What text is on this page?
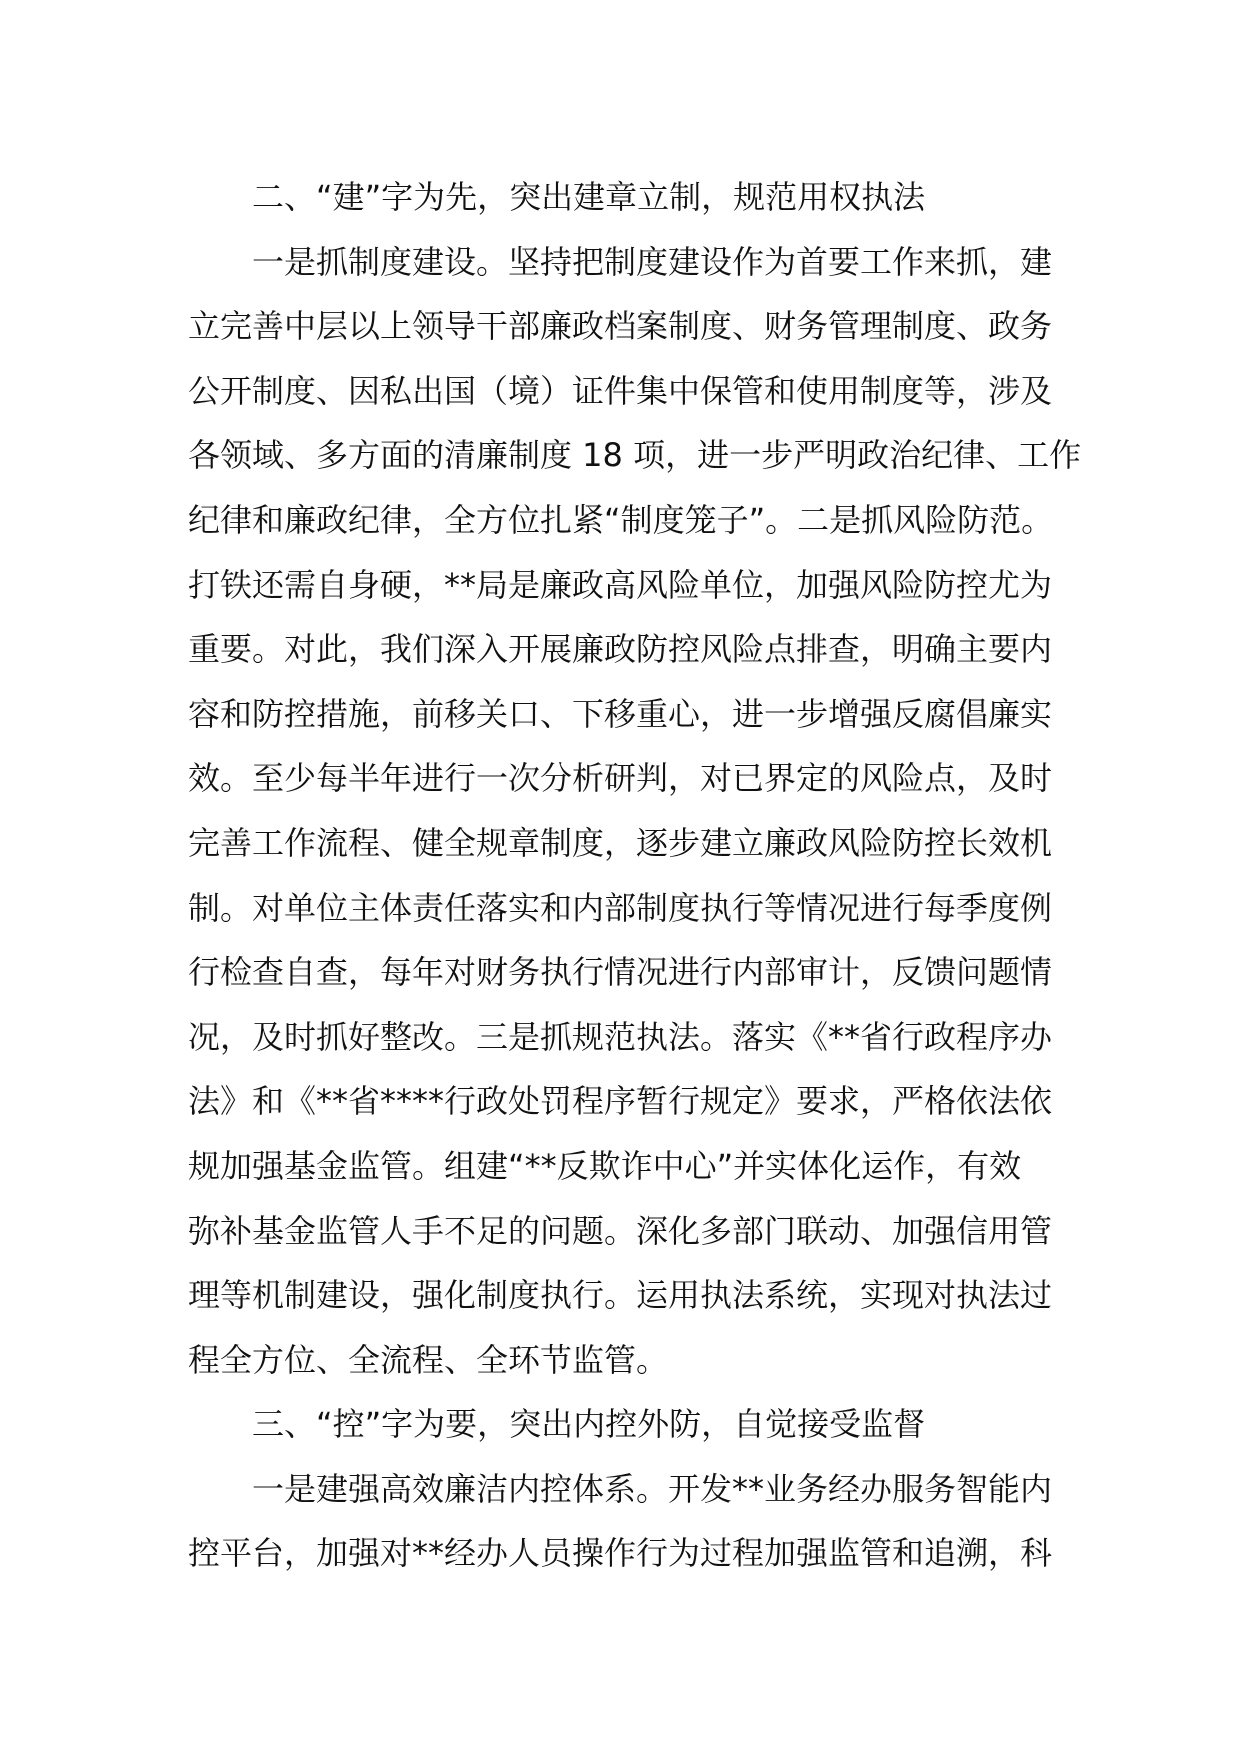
二、“建”字为先，突出建章立制，规范用权执法
一是抓制度建设。坚持把制度建设作为首要工作来抓，建
立完善中层以上领导干部廉政档案制度、财务管理制度、政务
公开制度、因私出国（境）证件集中保管和使用制度等，涉及
各领域、多方面的清廉制度 18 项，进一步严明政治纪律、工作
纪律和廉政纪律，全方位扎紧“制度笼子”。二是抓风险防范。
打铁还需自身硬，**局是廉政高风险单位，加强风险防控尤为
重要。对此，我们深入开展廉政防控风险点排查，明确主要内
容和防控措施，前移关口、下移重心，进一步增强反腐倡廉实
效。至少每半年进行一次分析研判，对已界定的风险点，及时
完善工作流程、健全规章制度，逐步建立廉政风险防控长效机
制。对单位主体责任落实和内部制度执行等情况进行每季度例
行检查自查，每年对财务执行情况进行内部审计，反馈问题情
况，及时抓好整改。三是抓规范执法。落实《**省行政程序办
法》和《**省****行政处罚程序暂行规定》要求，严格依法依
规加强基金监管。组建“**反欺诈中心”并实体化运作，有效
弥补基金监管人手不足的问题。深化多部门联动、加强信用管
理等机制建设，强化制度执行。运用执法系统，实现对执法过
程全方位、全流程、全环节监管。
三、“控”字为要，突出内控外防，自觉接受监督
一是建强高效廉洁内控体系。开发**业务经办服务智能内
控平台，加强对**经办人员操作行为过程加强监管和追溯，科
